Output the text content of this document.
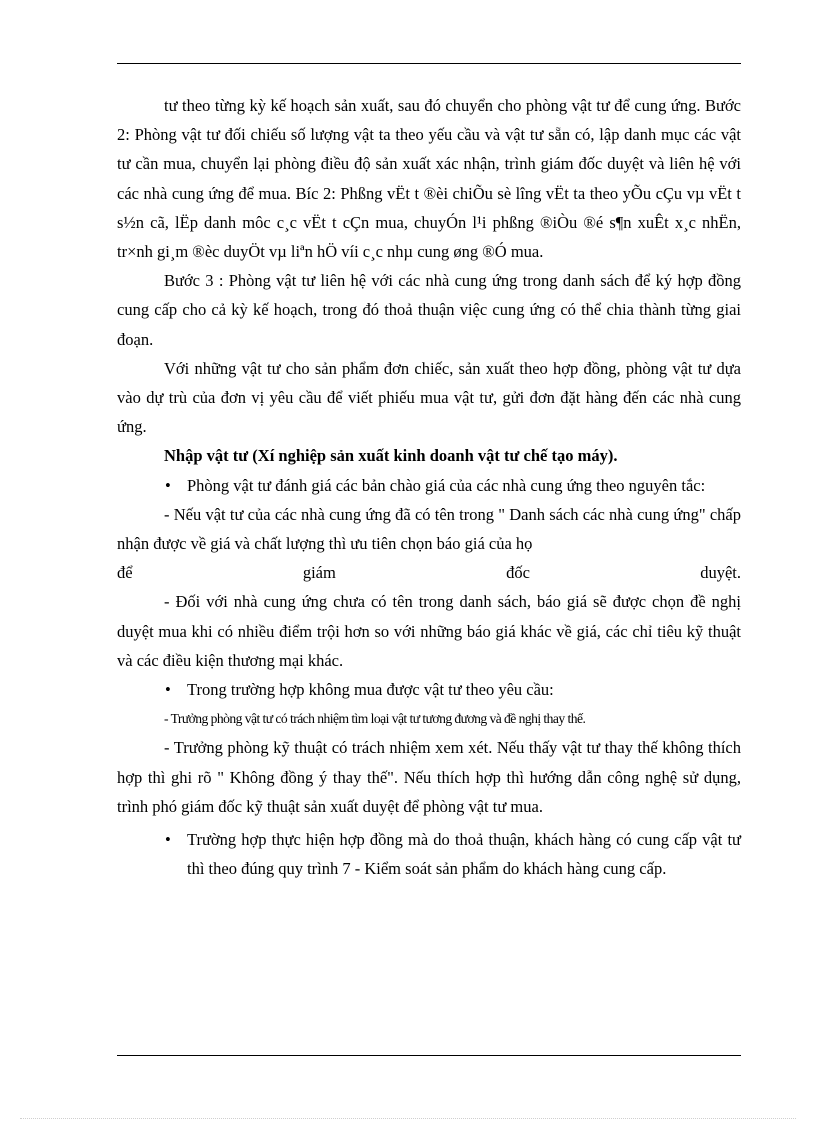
tư theo từng kỳ kế hoạch sản xuất, sau đó chuyển cho phòng vật tư để cung ứng. Bước 2: Phòng vật tư đối chiếu số lượng vật ta theo yếu cầu và vật tư sẵn có, lập danh mục các vật tư cần mua, chuyển lại phòng điều độ sản xuất xác nhận, trình giám đốc duyệt và liên hệ với các nhà cung ứng để mua. Bíc 2: Phßng vËt t ®èi chiÕu sè lîng vËt ta theo yÕu cÇu vµ vËt t s½n cã, lËp danh môc c¸c vËt t cÇn mua, chuyÓn l¹i phßng ®iÒu ®é s¶n xuÊt x¸c nhËn, tr×nh gi¸m ®èc duyÖt vµ liªn hÖ víi c¸c nhµ cung øng ®Ó mua.

Bước 3 : Phòng vật tư liên hệ với các nhà cung ứng trong danh sách để ký hợp đồng cung cấp cho cả kỳ kế hoạch, trong đó thoả thuận việc cung ứng có thể chia thành từng giai đoạn.

Với những vật tư cho sản phẩm đơn chiếc, sản xuất theo hợp đồng, phòng vật tư dựa vào dự trù của đơn vị yêu cầu để viết phiếu mua vật tư, gửi đơn đặt hàng đến các nhà cung ứng.

Nhập vật tư (Xí nghiệp sản xuất kinh doanh vật tư chế tạo máy).

• Phòng vật tư đánh giá các bản chào giá của các nhà cung ứng theo nguyên tắc:

- Nếu vật tư của các nhà cung ứng đã có tên trong " Danh sách các nhà cung ứng" chấp nhận được về giá và chất lượng thì ưu tiên chọn báo giá của họ

để giám đốc duyệt.

- Đối với nhà cung ứng chưa có tên trong danh sách, báo giá sẽ được chọn đề nghị duyệt mua khi có nhiều điểm trội hơn so với những báo giá khác về giá, các chỉ tiêu kỹ thuật và các điều kiện thương mại khác.

• Trong trường hợp không mua được vật tư theo yêu cầu:

- Trưởng phòng vật tư có trách nhiệm tìm loại vật tư tương đương và đề nghị thay thế.

- Trưởng phòng kỹ thuật có trách nhiệm xem xét. Nếu thấy vật tư thay thế không thích hợp thì ghi rõ " Không đồng ý thay thế". Nếu thích hợp thì hướng dẫn công nghệ sử dụng, trình phó giám đốc kỹ thuật sản xuất duyệt để phòng vật tư mua.

• Trường hợp thực hiện hợp đồng mà do thoả thuận, khách hàng có cung cấp vật tư thì theo đúng quy trình 7 - Kiểm soát sản phẩm do khách hàng cung cấp.
